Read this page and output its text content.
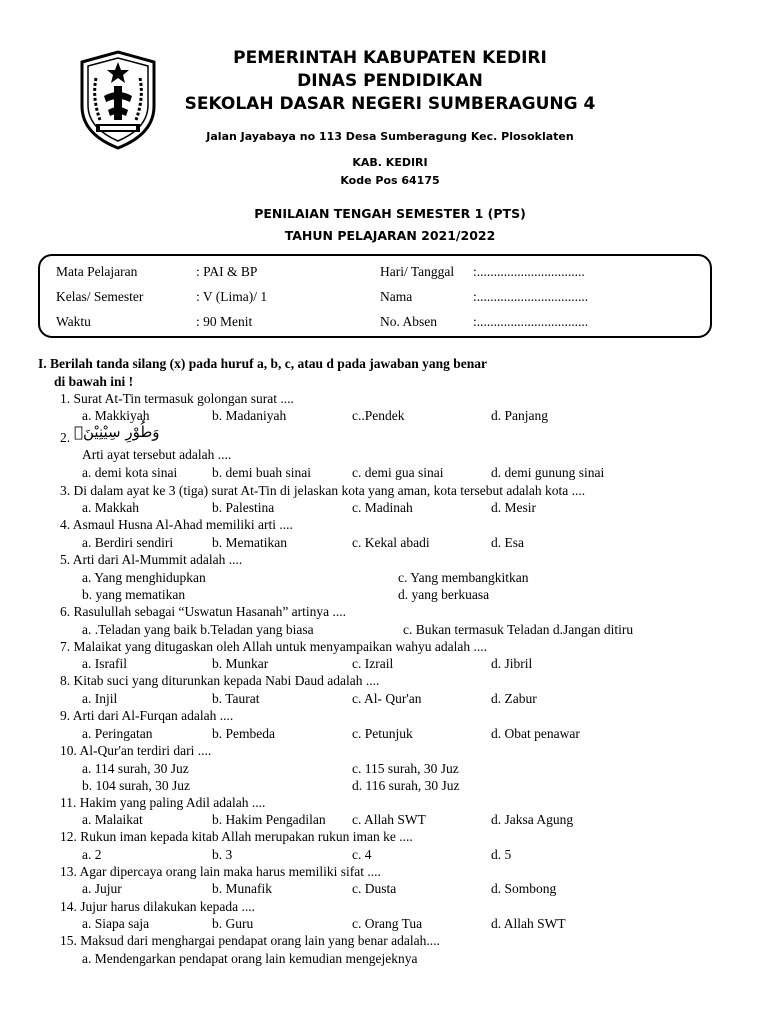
PEMERINTAH KABUPATEN KEDIRI
DINAS PENDIDIKAN
SEKOLAH DASAR NEGERI SUMBERAGUNG 4
Jalan Jayabaya no 113 Desa Sumberagung Kec. Plosoklaten
KAB. KEDIRI
Kode Pos 64175
PENILAIAN TENGAH SEMESTER 1 (PTS)
TAHUN PELAJARAN 2021/2022
Mata Pelajaran	: PAI & BP	Hari/ Tanggal :................................
Kelas/ Semester	: V (Lima)/ 1	Nama	:.................................
Waktu	: 90 Menit	No. Absen	:.................................
I. Berilah tanda silang (x) pada huruf a, b, c, atau d pada jawaban yang benar
di bawah ini !
1. Surat At-Tin termasuk golongan surat ....
a. Makkiyah	b. Madaniyah	c..Pendek	d. Panjang
2. وَطُوْرِ سِيْنِيْنَۙ
Arti ayat tersebut adalah ....
a. demi kota sinai	b. demi buah sinai	c. demi gua sinai	d. demi gunung sinai
3. Di dalam ayat ke 3 (tiga) surat At-Tin di jelaskan kota yang aman, kota tersebut adalah kota ....
a. Makkah	b. Palestina	c. Madinah	d. Mesir
4. Asmaul Husna Al-Ahad memiliki arti ....
a. Berdiri sendiri	b. Mematikan	c. Kekal abadi	d. Esa
5. Arti dari Al-Mummit adalah ....
a. Yang menghidupkan	c. Yang membangkitkan
b. yang mematikan	d. yang berkuasa
6. Rasulullah sebagai “Uswatun Hasanah” artinya ....
a. .Teladan yang baik b.Teladan yang biasa	c. Bukan termasuk Teladan d.Jangan ditiru
7. Malaikat yang ditugaskan oleh Allah untuk menyampaikan wahyu adalah ....
a. Israfil	b. Munkar	c. Izrail	d. Jibril
8. Kitab suci yang diturunkan kepada Nabi Daud adalah ....
a. Injil	b. Taurat	c. Al- Qur'an	d. Zabur
9. Arti dari Al-Furqan adalah ....
a. Peringatan	b. Pembeda	c. Petunjuk	d. Obat penawar
10. Al-Qur'an terdiri dari ....
a. 114 surah, 30 Juz	c. 115 surah, 30 Juz
b. 104 surah, 30 Juz	d. 116 surah, 30 Juz
11. Hakim yang paling Adil adalah ....
a. Malaikat	b. Hakim Pengadilan c. Allah SWT	d. Jaksa Agung
12. Rukun iman kepada kitab Allah merupakan rukun iman ke ....
a. 2	b. 3	c. 4	d. 5
13. Agar dipercaya orang lain maka harus memiliki sifat ....
a. Jujur	b. Munafik	c. Dusta	d. Sombong
14. Jujur harus dilakukan kepada ....
a. Siapa saja	b. Guru	c. Orang Tua	d. Allah SWT
15. Maksud dari menghargai pendapat orang lain yang benar adalah....
a. Mendengarkan pendapat orang lain kemudian mengejeknya
